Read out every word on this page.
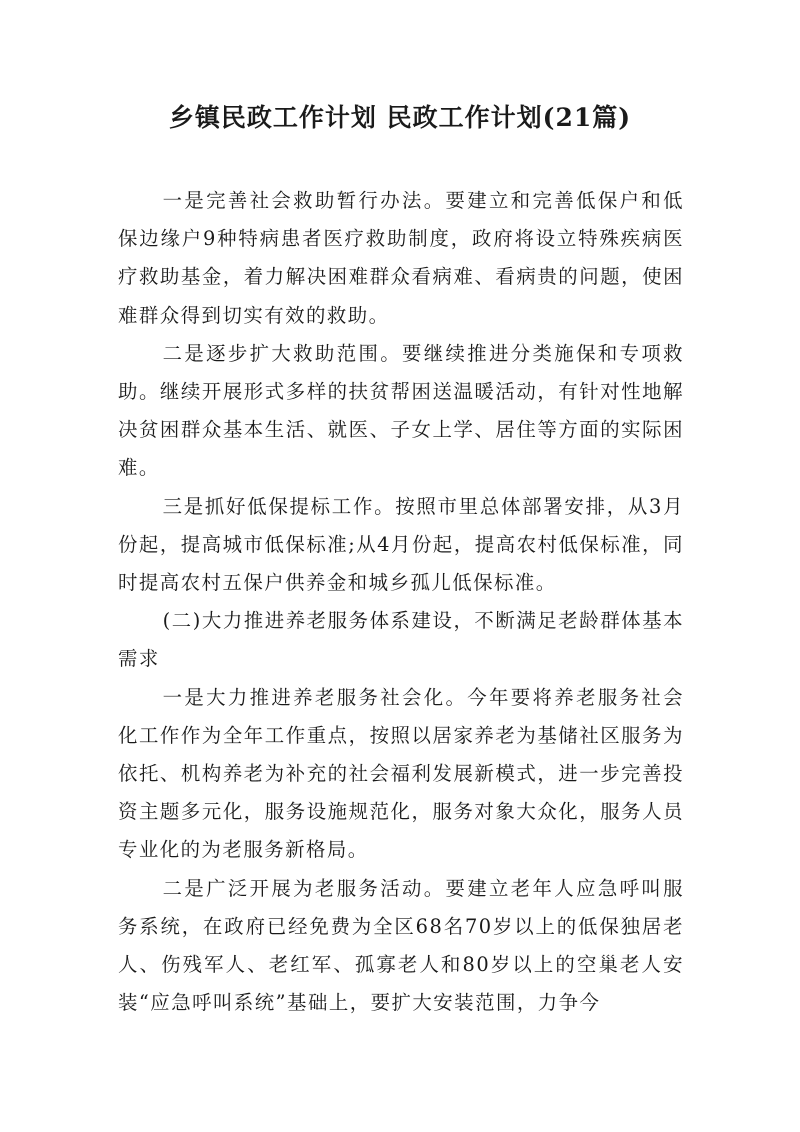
乡镇民政工作计划 民政工作计划(21篇)

一是完善社会救助暂行办法。要建立和完善低保户和低保边缘户9种特病患者医疗救助制度，政府将设立特殊疾病医疗救助基金，着力解决困难群众看病难、看病贵的问题，使困难群众得到切实有效的救助。

二是逐步扩大救助范围。要继续推进分类施保和专项救助。继续开展形式多样的扶贫帮困送温暖活动，有针对性地解决贫困群众基本生活、就医、子女上学、居住等方面的实际困难。

三是抓好低保提标工作。按照市里总体部署安排，从3月份起，提高城市低保标准;从4月份起，提高农村低保标准，同时提高农村五保户供养金和城乡孤儿低保标准。

(二)大力推进养老服务体系建设，不断满足老龄群体基本需求

一是大力推进养老服务社会化。今年要将养老服务社会化工作作为全年工作重点，按照以居家养老为基储社区服务为依托、机构养老为补充的社会福利发展新模式，进一步完善投资主题多元化，服务设施规范化，服务对象大众化，服务人员专业化的为老服务新格局。

二是广泛开展为老服务活动。要建立老年人应急呼叫服务系统，在政府已经免费为全区68名70岁以上的低保独居老人、伤残军人、老红军、孤寡老人和80岁以上的空巢老人安装“应急呼叫系统”基础上，要扩大安装范围，力争今
